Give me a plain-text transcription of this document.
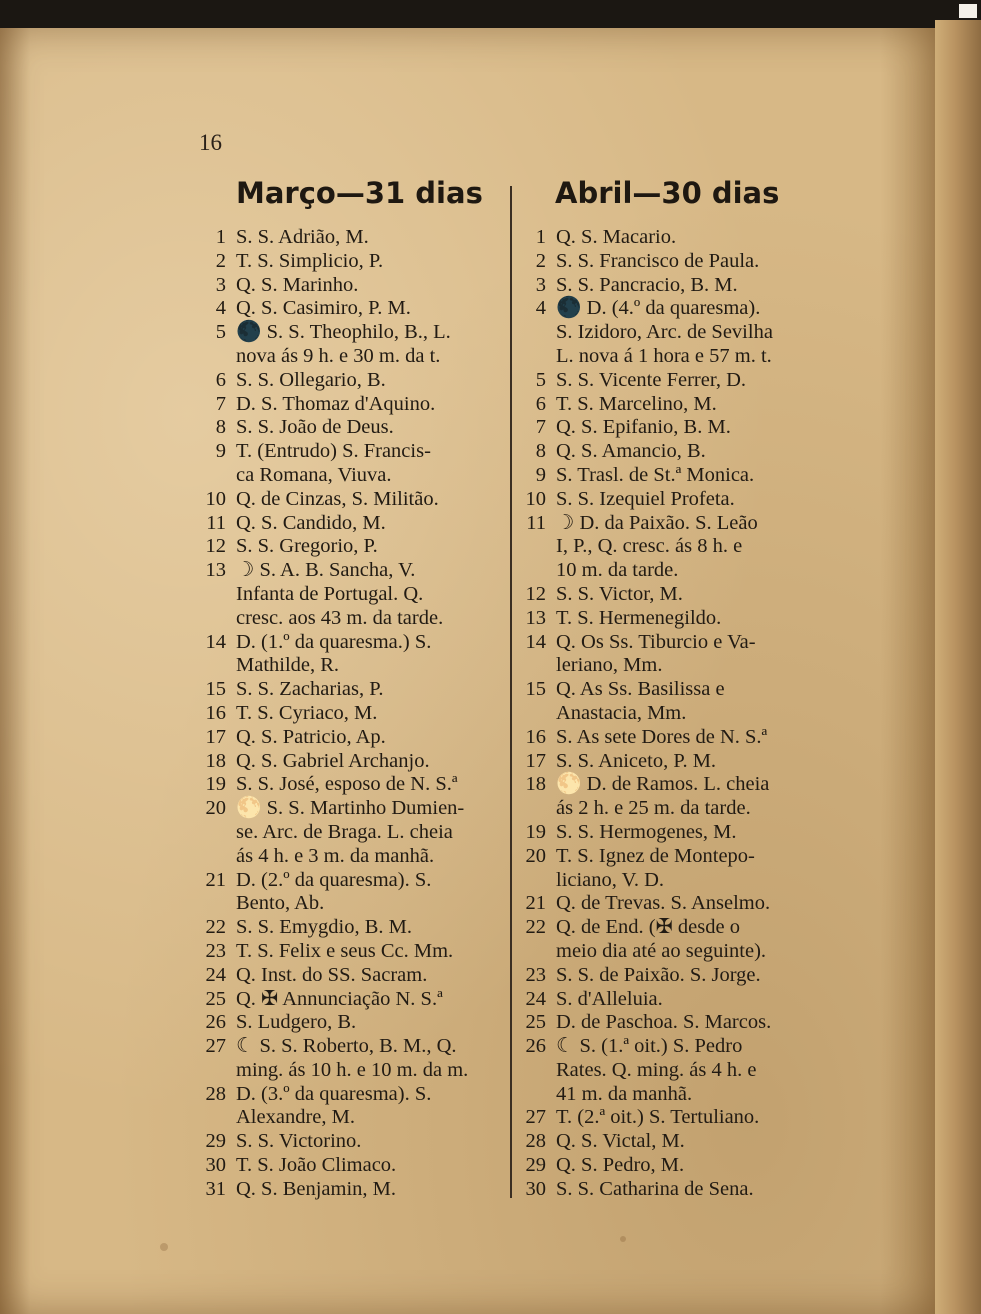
16
Março—31 dias Abril—30 dias
1 S. S. Adrião, M.
2 T. S. Simplicio, P.
3 Q. S. Marinho.
4 Q. S. Casimiro, P. M.
5 🌑 S. S. Theophilo, B., L.
nova ás 9 h. e 30 m. da t.
6 S. S. Ollegario, B.
7 D. S. Thomaz d'Aquino.
8 S. S. João de Deus.
9 T. (Entrudo) S. Francis-
ca Romana, Viuva.
10 Q. de Cinzas, S. Militão.
11 Q. S. Candido, M.
12 S. S. Gregorio, P.
13 ☽ S. A. B. Sancha, V.
Infanta de Portugal. Q.
cresc. aos 43 m. da tarde.
14 D. (1.º da quaresma.) S.
Mathilde, R.
15 S. S. Zacharias, P.
16 T. S. Cyriaco, M.
17 Q. S. Patricio, Ap.
18 Q. S. Gabriel Archanjo.
19 S. S. José, esposo de N. S.ª
20 🌕 S. S. Martinho Dumien-
se. Arc. de Braga. L. cheia
ás 4 h. e 3 m. da manhã.
21 D. (2.º da quaresma). S.
Bento, Ab.
22 S. S. Emygdio, B. M.
23 T. S. Felix e seus Cc. Mm.
24 Q. Inst. do SS. Sacram.
25 Q. ✠ Annunciação N. S.ª
26 S. Ludgero, B.
27 ☾ S. S. Roberto, B. M., Q.
ming. ás 10 h. e 10 m. da m.
28 D. (3.º da quaresma). S.
Alexandre, M.
29 S. S. Victorino.
30 T. S. João Climaco.
31 Q. S. Benjamin, M.
1 Q. S. Macario.
2 S. S. Francisco de Paula.
3 S. S. Pancracio, B. M.
4 🌑 D. (4.º da quaresma).
S. Izidoro, Arc. de Sevilha
L. nova á 1 hora e 57 m. t.
5 S. S. Vicente Ferrer, D.
6 T. S. Marcelino, M.
7 Q. S. Epifanio, B. M.
8 Q. S. Amancio, B.
9 S. Trasl. de St.ª Monica.
10 S. S. Izequiel Profeta.
11 ☽ D. da Paixão. S. Leão
I, P., Q. cresc. ás 8 h. e
10 m. da tarde.
12 S. S. Victor, M.
13 T. S. Hermenegildo.
14 Q. Os Ss. Tiburcio e Va-
leriano, Mm.
15 Q. As Ss. Basilissa e
Anastacia, Mm.
16 S. As sete Dores de N. S.ª
17 S. S. Aniceto, P. M.
18 🌕 D. de Ramos. L. cheia
ás 2 h. e 25 m. da tarde.
19 S. S. Hermogenes, M.
20 T. S. Ignez de Montepo-
liciano, V. D.
21 Q. de Trevas. S. Anselmo.
22 Q. de End. (✠ desde o
meio dia até ao seguinte).
23 S. S. de Paixão. S. Jorge.
24 S. d'Alleluia.
25 D. de Paschoa. S. Marcos.
26 ☾ S. (1.ª oit.) S. Pedro
Rates. Q. ming. ás 4 h. e
41 m. da manhã.
27 T. (2.ª oit.) S. Tertuliano.
28 Q. S. Victal, M.
29 Q. S. Pedro, M.
30 S. S. Catharina de Sena.
